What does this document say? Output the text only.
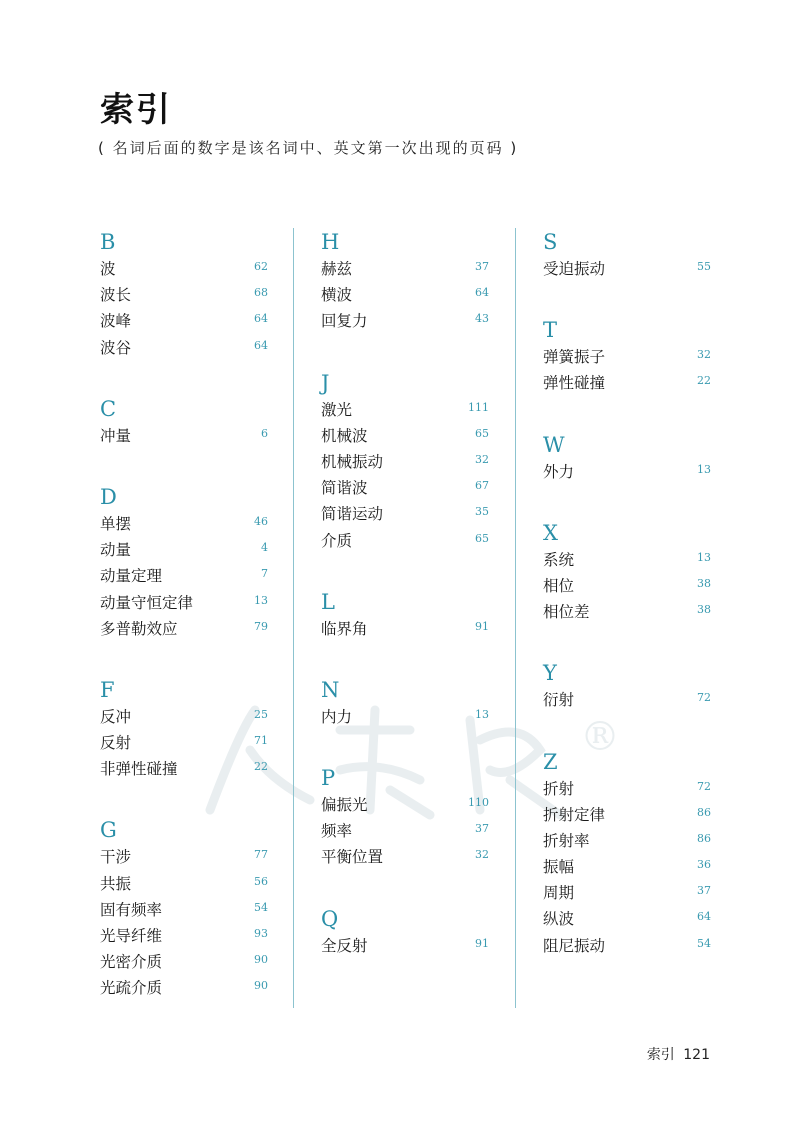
索引
( 名词后面的数字是该名词中、英文第一次出现的页码 )
®
B
波	62
波长	68
波峰	64
波谷	64
C
冲量	6
D
单摆	46
动量	4
动量定理	7
动量守恒定律	13
多普勒效应	79
F
反冲	25
反射	71
非弹性碰撞	22
G
干涉	77
共振	56
固有频率	54
光导纤维	93
光密介质	90
光疏介质	90
H
赫兹	37
横波	64
回复力	43
J
激光	111
机械波	65
机械振动	32
简谐波	67
简谐运动	35
介质	65
L
临界角	91
N
内力	13
P
偏振光	110
频率	37
平衡位置	32
Q
全反射	91
S
受迫振动	55
T
弹簧振子	32
弹性碰撞	22
W
外力	13
X
系统	13
相位	38
相位差	38
Y
衍射	72
Z
折射	72
折射定律	86
折射率	86
振幅	36
周期	37
纵波	64
阻尼振动	54
索引 121
